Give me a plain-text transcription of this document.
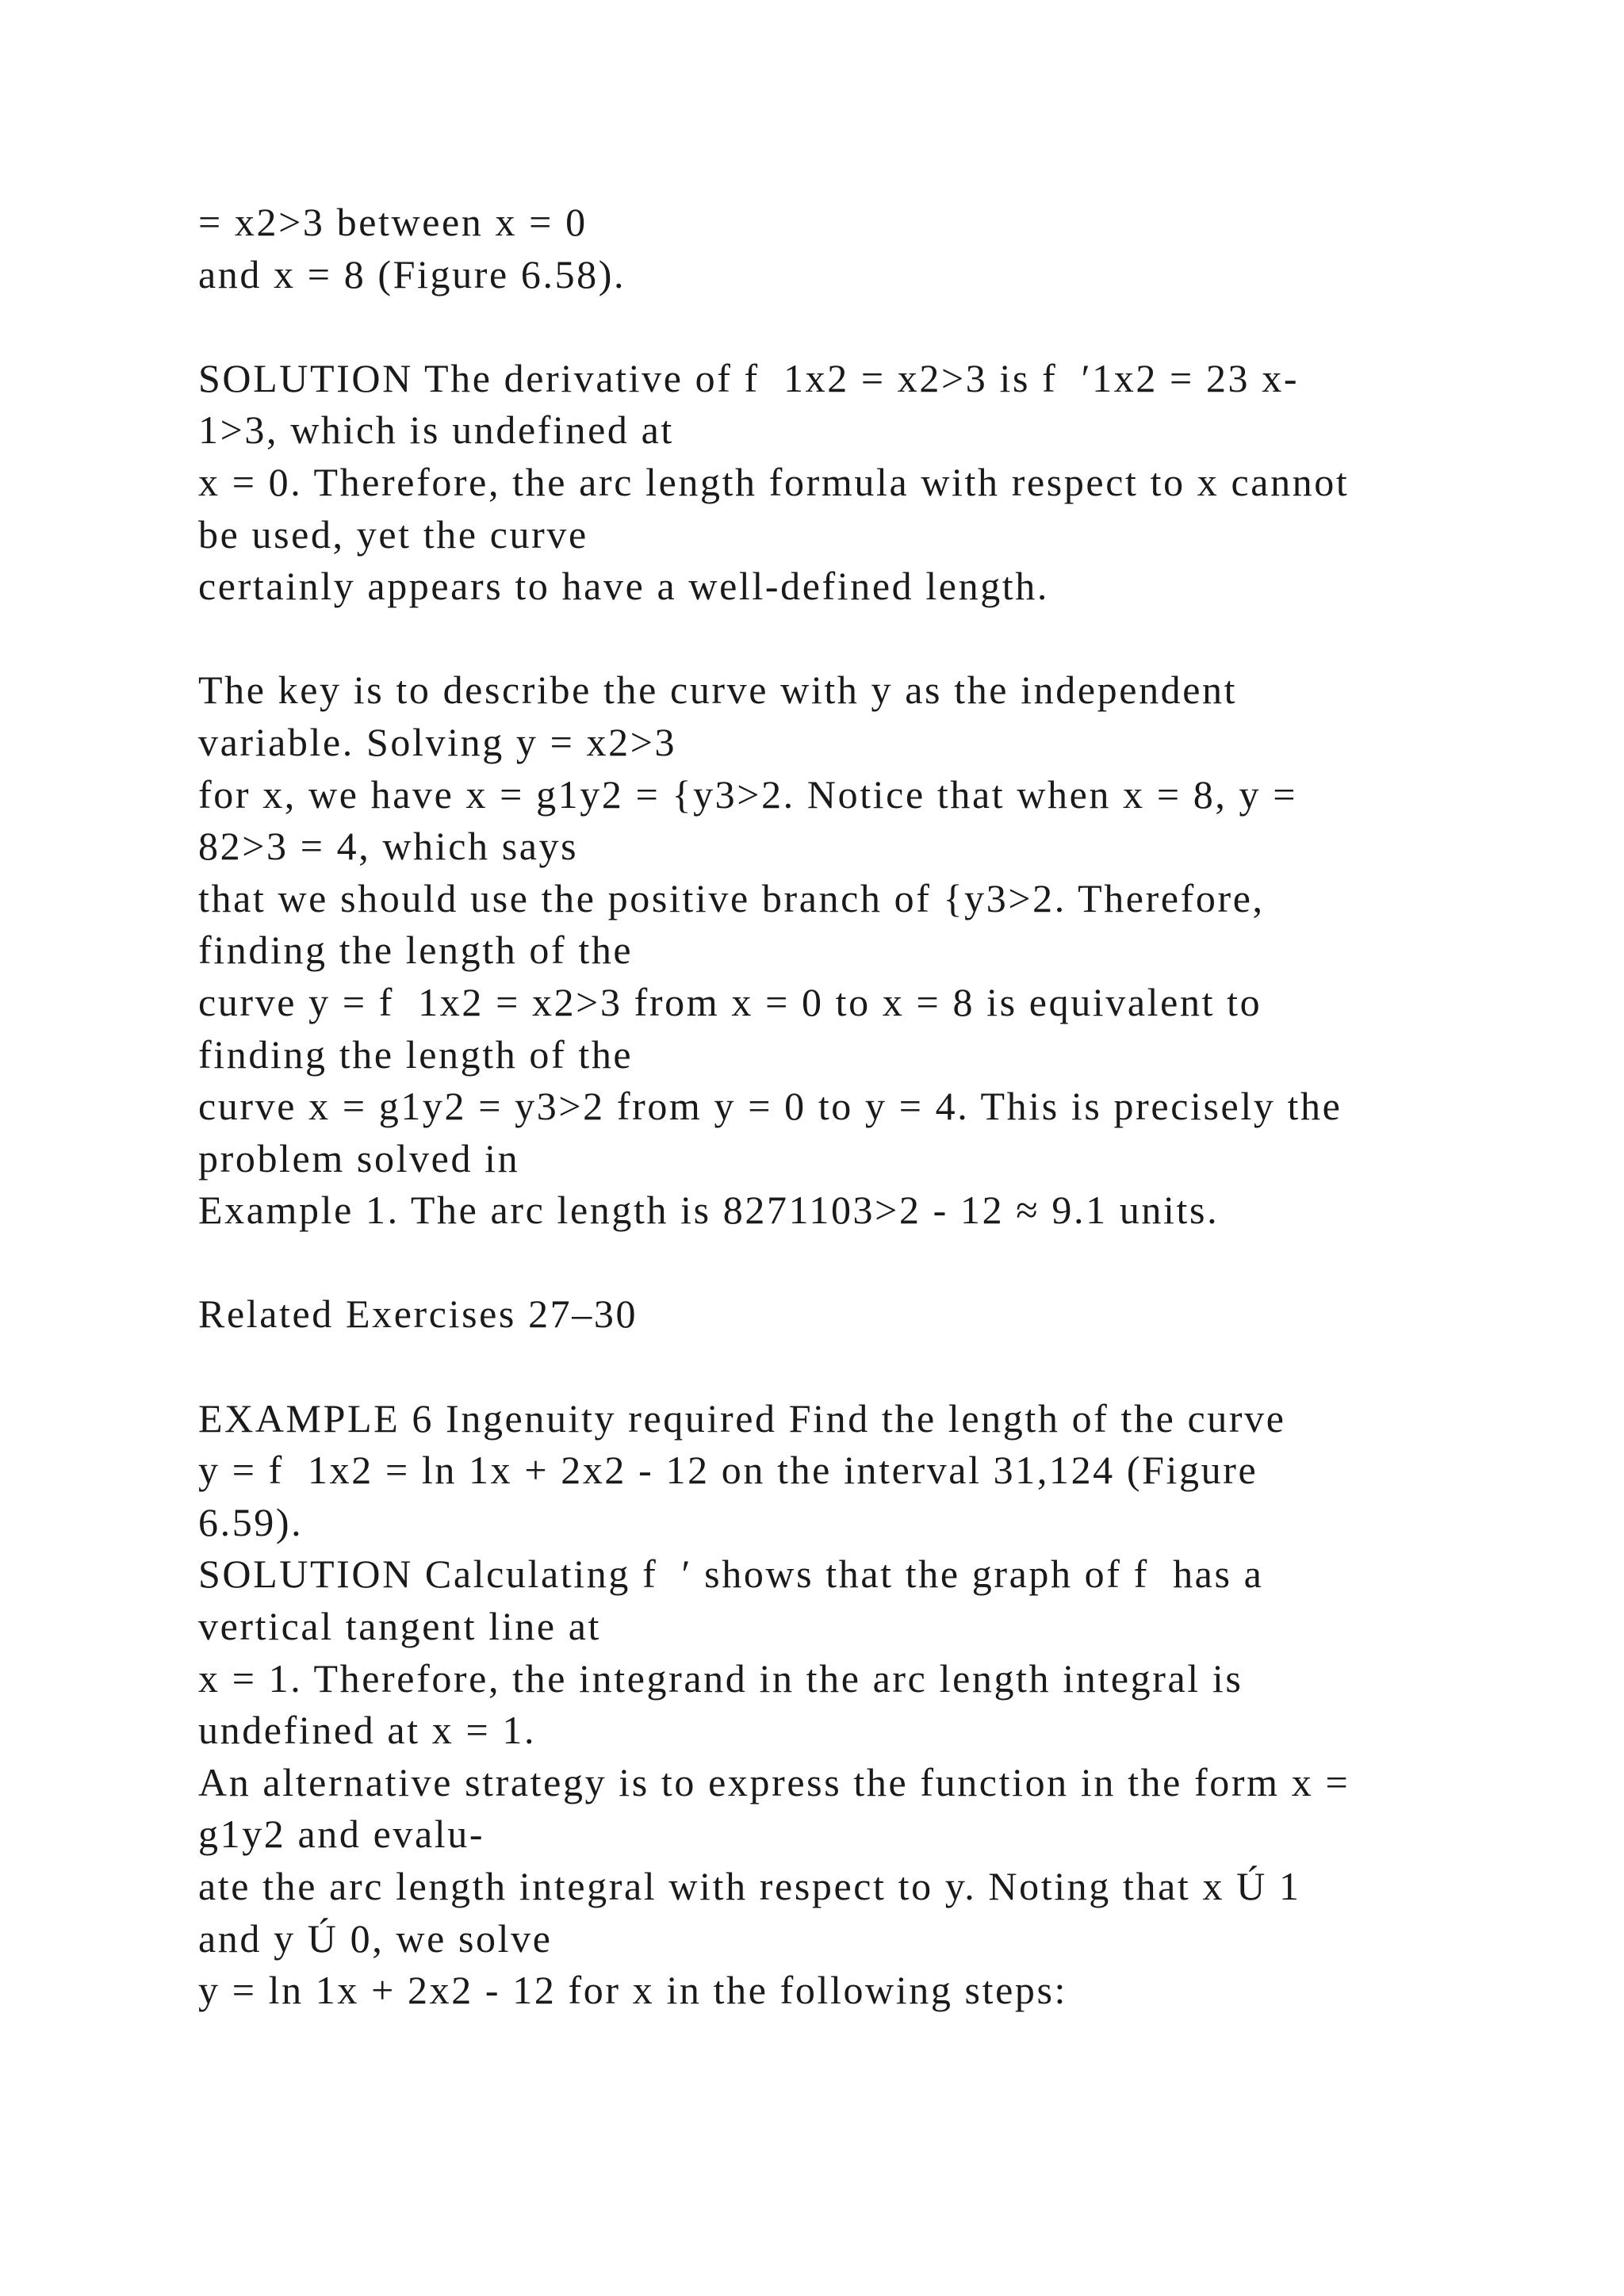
= x2>3 between x = 0
and x = 8 (Figure 6.58).
SOLUTION The derivative of f  1x2 = x2>3 is f  ′1x2 = 23 x-
1>3, which is undefined at
x = 0. Therefore, the arc length formula with respect to x cannot
be used, yet the curve
certainly appears to have a well-defined length.
The key is to describe the curve with y as the independent
variable. Solving y = x2>3
for x, we have x = g1y2 = {y3>2. Notice that when x = 8, y =
82>3 = 4, which says
that we should use the positive branch of {y3>2. Therefore,
finding the length of the
curve y = f  1x2 = x2>3 from x = 0 to x = 8 is equivalent to
finding the length of the
curve x = g1y2 = y3>2 from y = 0 to y = 4. This is precisely the
problem solved in
Example 1. The arc length is 8271103>2 - 12 ≈ 9.1 units.
Related Exercises 27–30
EXAMPLE 6 Ingenuity required Find the length of the curve
y = f  1x2 = ln 1x + 2x2 - 12 on the interval 31,124 (Figure
6.59).
SOLUTION Calculating f  ′ shows that the graph of f  has a
vertical tangent line at
x = 1. Therefore, the integrand in the arc length integral is
undefined at x = 1.
An alternative strategy is to express the function in the form x =
g1y2 and evalu-
ate the arc length integral with respect to y. Noting that x Ú 1
and y Ú 0, we solve
y = ln 1x + 2x2 - 12 for x in the following steps:
